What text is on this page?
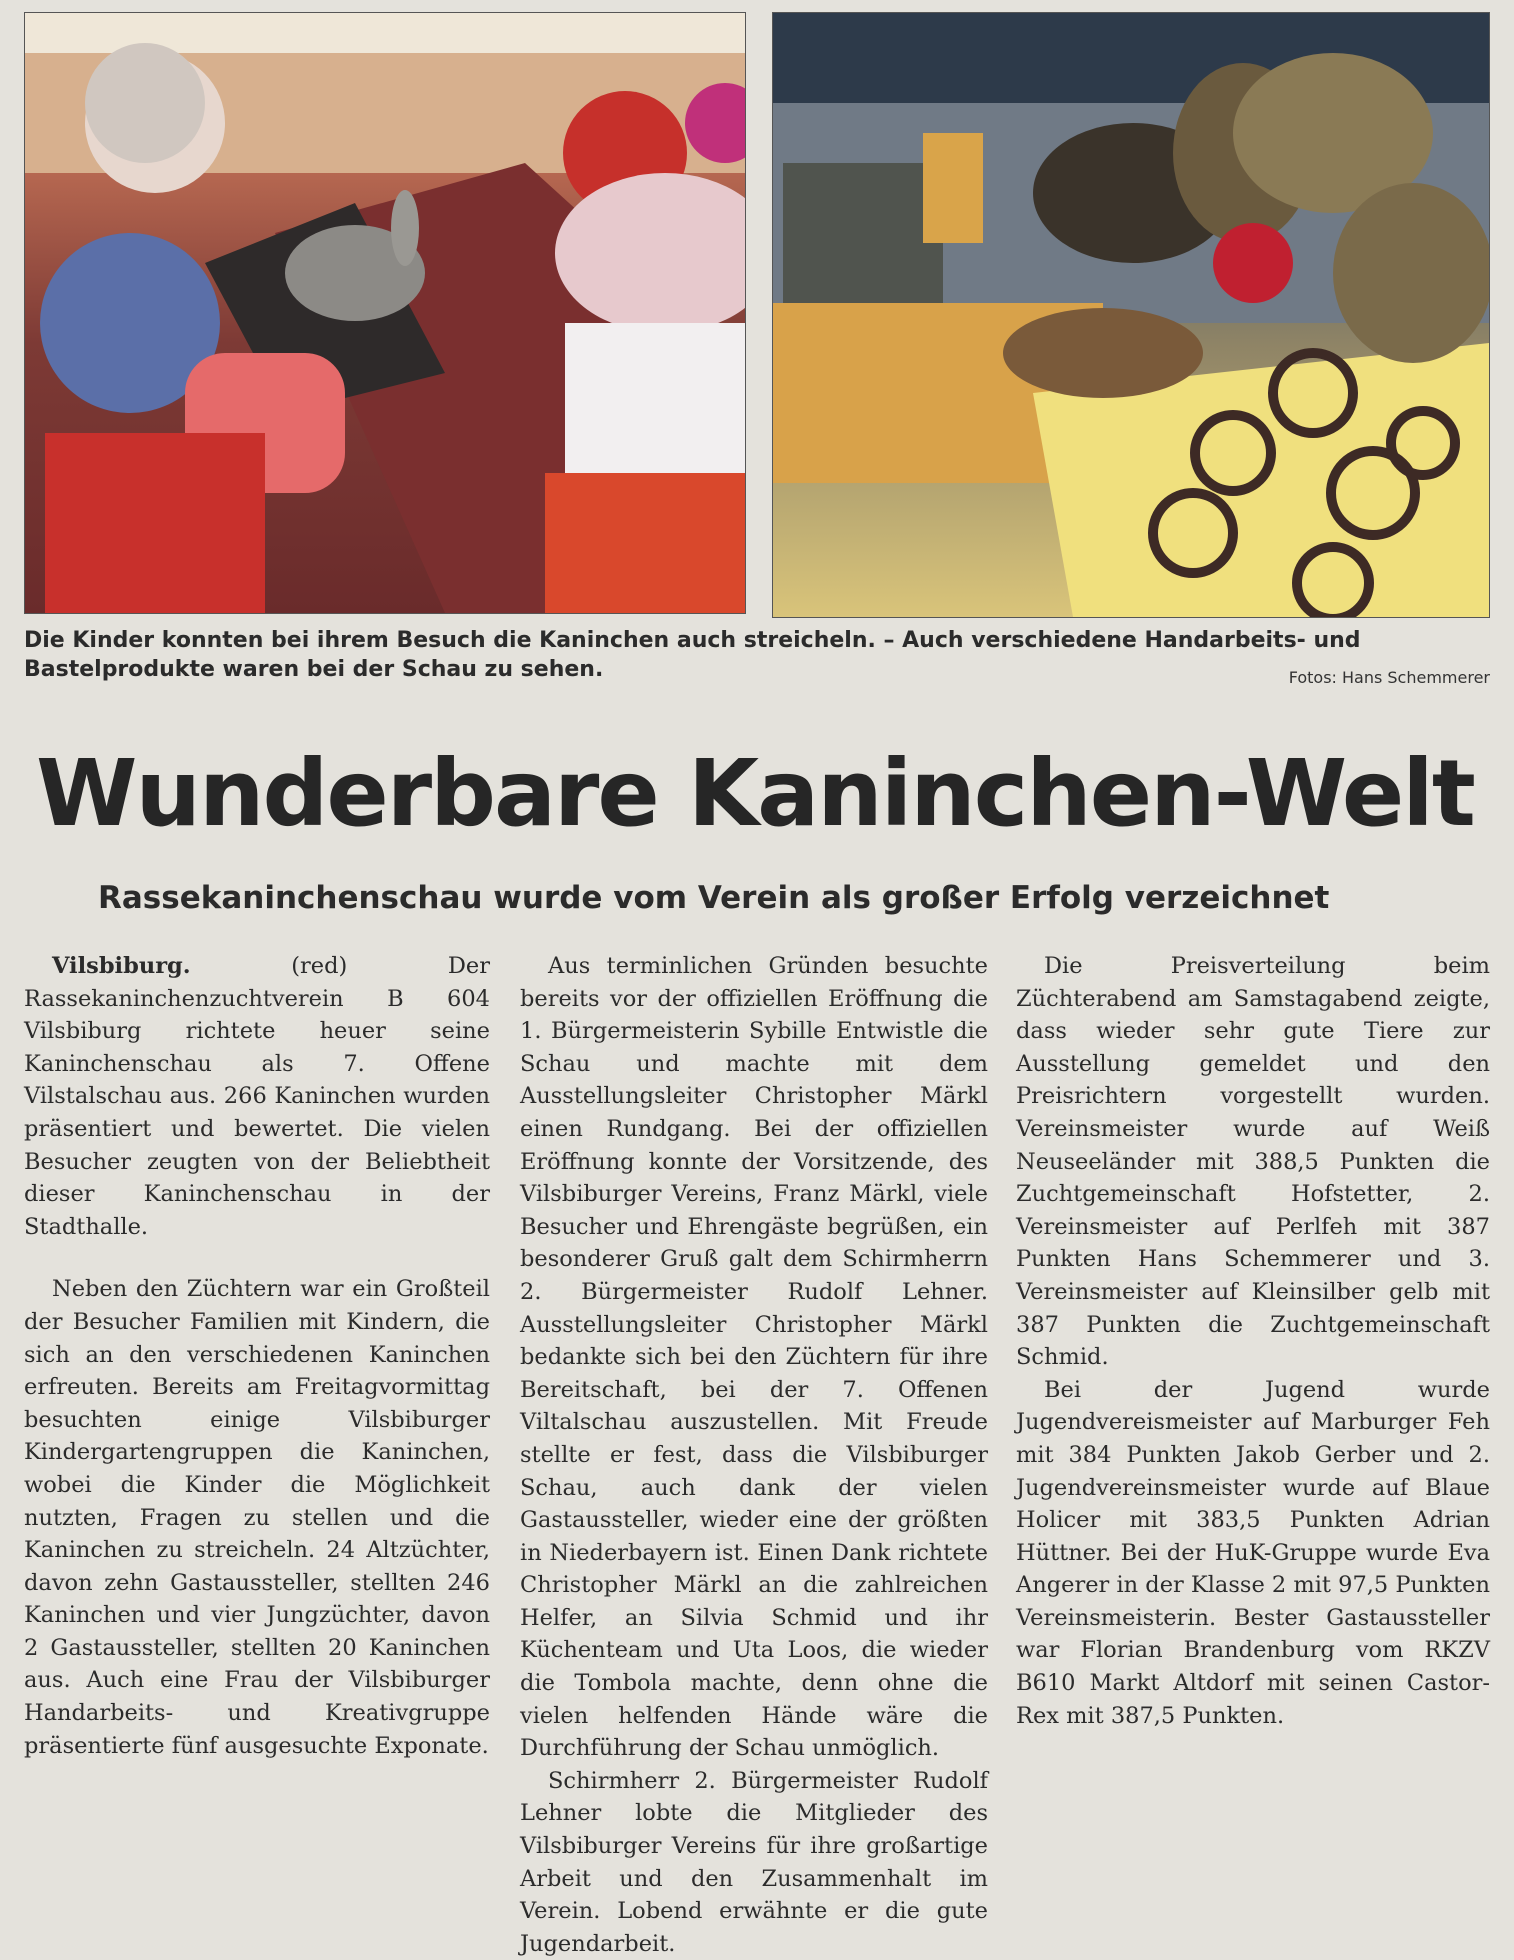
Die Kinder konnten bei ihrem Besuch die Kaninchen auch streicheln. – Auch verschiedene Handarbeits- und Bastelprodukte waren bei der Schau zu sehen.	Fotos: Hans Schemmerer
Wunderbare Kaninchen-Welt
Rassekaninchenschau wurde vom Verein als großer Erfolg verzeichnet

Vilsbiburg.	(red) Der Rassekaninchenzuchtverein B 604 Vilsbiburg richtete heuer seine Kaninchenschau als 7. Offene Vilstalschau aus. 266 Kaninchen wurden präsentiert und bewertet. Die vielen Besucher zeugten von der Beliebtheit dieser Kaninchenschau in der Stadthalle.

Neben den Züchtern war ein Großteil der Besucher Familien mit Kindern, die sich an den verschiedenen Kaninchen erfreuten. Bereits am Freitagvormittag besuchten einige Vilsbiburger Kindergartengruppen die Kaninchen, wobei die Kinder die Möglichkeit nutzten, Fragen zu stellen und die Kaninchen zu streicheln. 24 Altzüchter, davon zehn Gastaussteller, stellten 246 Kaninchen und vier Jungzüchter, davon 2 Gastaussteller, stellten 20 Kaninchen aus. Auch eine Frau der Vilsbiburger Handarbeits- und Kreativgruppe präsentierte fünf ausgesuchte Exponate.

Aus terminlichen Gründen besuchte bereits vor der offiziellen Eröffnung die 1. Bürgermeisterin Sybille Entwistle die Schau und machte mit dem Ausstellungsleiter Christopher Märkl einen Rundgang. Bei der offiziellen Eröffnung konnte der Vorsitzende, des Vilsbiburger Vereins, Franz Märkl, viele Besucher und Ehrengäste begrüßen, ein besonderer Gruß galt dem Schirmherrn 2. Bürgermeister Rudolf Lehner. Ausstellungsleiter Christopher Märkl bedankte sich bei den Züchtern für ihre Bereitschaft, bei der 7. Offenen Viltalschau auszustellen. Mit Freude stellte er fest, dass die Vilsbiburger Schau, auch dank der vielen Gastaussteller, wieder eine der größten in Niederbayern ist. Einen Dank richtete Christopher Märkl an die zahlreichen Helfer, an Silvia Schmid und ihr Küchenteam und Uta Loos, die wieder die Tombola machte, denn ohne die vielen helfenden Hände wäre die Durchführung der Schau unmöglich.

Schirmherr 2. Bürgermeister Rudolf Lehner lobte die Mitglieder des Vilsbiburger Vereins für ihre großartige Arbeit und den Zusammenhalt im Verein. Lobend erwähnte er die gute Jugendarbeit.

Die Preisverteilung beim Züchterabend am Samstagabend zeigte, dass wieder sehr gute Tiere zur Ausstellung gemeldet und den Preisrichtern vorgestellt wurden. Vereinsmeister wurde auf Weiß Neuseeländer mit 388,5 Punkten die Zuchtgemeinschaft Hofstetter, 2. Vereinsmeister auf Perlfeh mit 387 Punkten Hans Schemmerer und 3. Vereinsmeister auf Kleinsilber gelb mit 387 Punkten die Zuchtgemeinschaft Schmid.

Bei der Jugend wurde Jugendvereismeister auf Marburger Feh mit 384 Punkten Jakob Gerber und 2. Jugendvereinsmeister wurde auf Blaue Holicer mit 383,5 Punkten Adrian Hüttner. Bei der HuK-Gruppe wurde Eva Angerer in der Klasse 2 mit 97,5 Punkten Vereinsmeisterin. Bester Gastaussteller war Florian Brandenburg vom RKZV B610 Markt Altdorf mit seinen Castor-Rex mit 387,5 Punkten.
